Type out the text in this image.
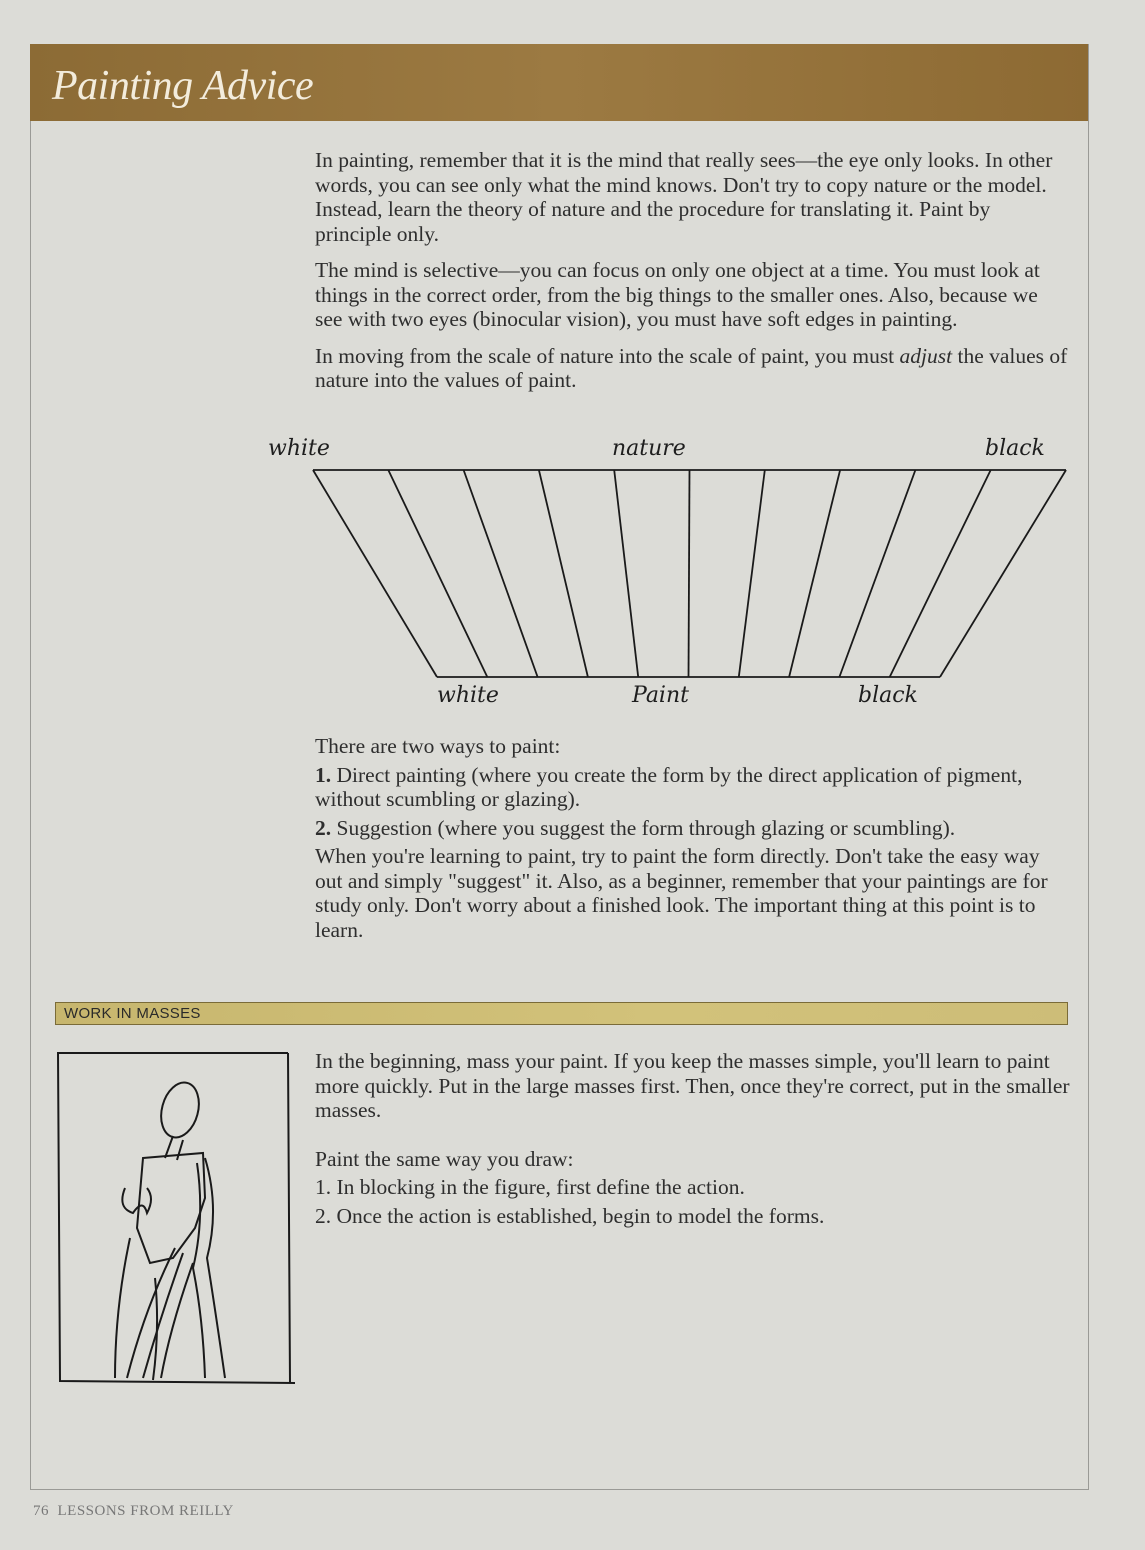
Painting Advice

In painting, remember that it is the mind that really sees—the eye only looks. In other words, you can see only what the mind knows. Don't try to copy nature or the model. Instead, learn the theory of nature and the procedure for translating it. Paint by principle only.

The mind is selective—you can focus on only one object at a time. You must look at things in the correct order, from the big things to the smaller ones. Also, because we see with two eyes (binocular vision), you must have soft edges in painting.

In moving from the scale of nature into the scale of paint, you must adjust the values of nature into the values of paint.

white	nature	black
white	Paint	black

There are two ways to paint:

1. Direct painting (where you create the form by the direct application of pigment, without scumbling or glazing).

2. Suggestion (where you suggest the form through glazing or scumbling).

When you're learning to paint, try to paint the form directly. Don't take the easy way out and simply "suggest" it. Also, as a beginner, remember that your paintings are for study only. Don't worry about a finished look. The important thing at this point is to learn.

WORK IN MASSES

In the beginning, mass your paint. If you keep the masses simple, you'll learn to paint more quickly. Put in the large masses first. Then, once they're correct, put in the smaller masses.

Paint the same way you draw:

1. In blocking in the figure, first define the action.

2. Once the action is established, begin to model the forms.

76 LESSONS FROM REILLY
